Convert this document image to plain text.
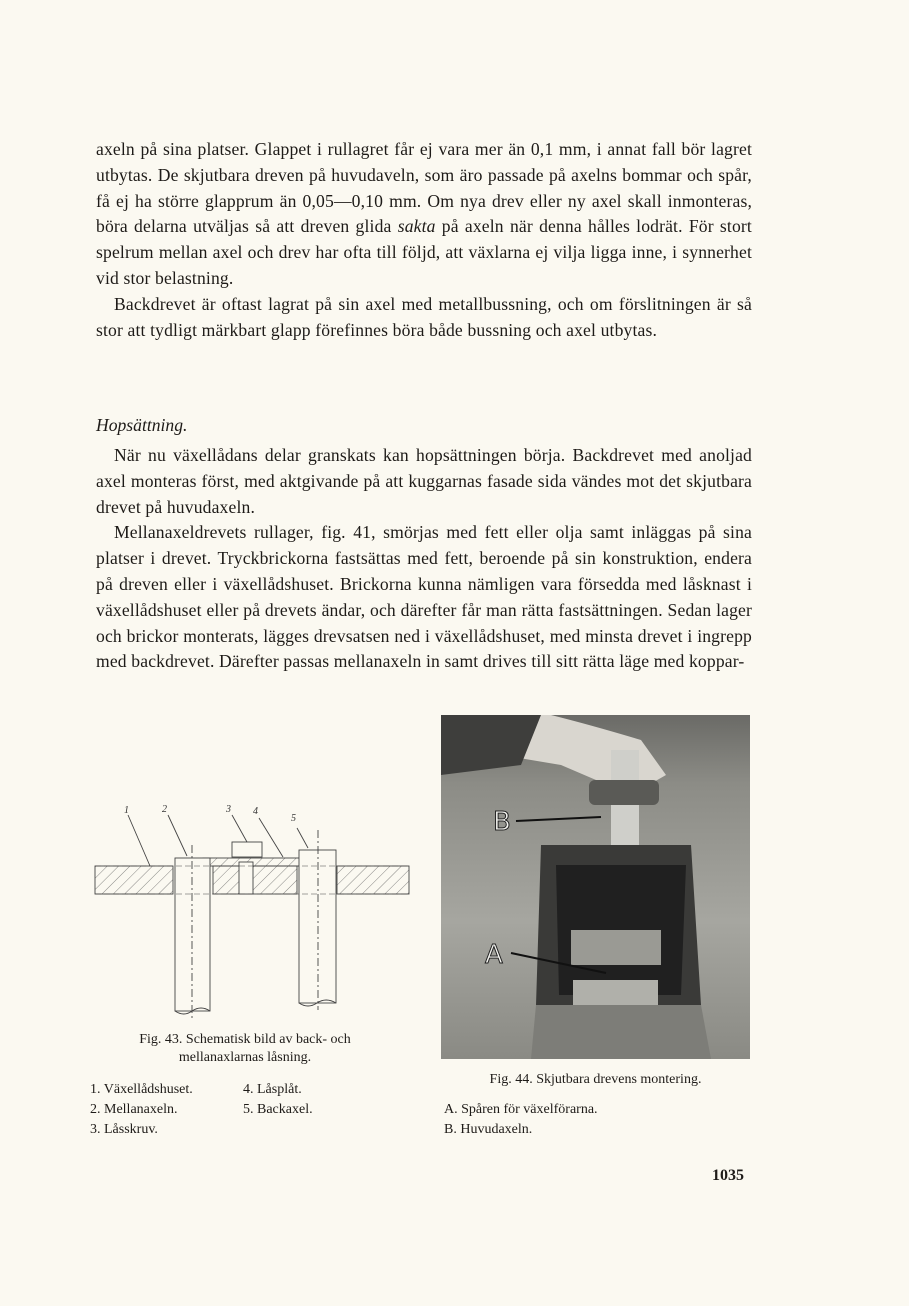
axeln på sina platser. Glappet i rullagret får ej vara mer än 0,1 mm, i annat fall bör lagret utbytas. De skjutbara dreven på huvudaveln, som äro passade på axelns bommar och spår, få ej ha större glapprum än 0,05—0,10 mm. Om nya drev eller ny axel skall inmonteras, böra delarna utväljas så att dreven glida sakta på axeln när denna hålles lodrät. För stort spelrum mellan axel och drev har ofta till följd, att växlarna ej vilja ligga inne, i synnerhet vid stor belastning.

Backdrevet är oftast lagrat på sin axel med metallbussning, och om förslitningen är så stor att tydligt märkbart glapp förefinnes böra både bussning och axel utbytas.

Hopsättning.

När nu växellådans delar granskats kan hopsättningen börja. Backdrevet med anoljad axel monteras först, med aktgivande på att kuggarnas fasade sida vändes mot det skjutbara drevet på huvudaxeln.

Mellanaxeldrevets rullager, fig. 41, smörjas med fett eller olja samt inläggas på sina platser i drevet. Tryckbrickorna fastsättas med fett, beroende på sin konstruktion, endera på dreven eller i växellådshuset. Brickorna kunna nämligen vara försedda med låsknast i växellådshuset eller på drevets ändar, och därefter får man rätta fastsättningen. Sedan lager och brickor monterats, lägges drevsatsen ned i växellådshuset, med minsta drevet i ingrepp med backdrevet. Därefter passas mellanaxeln in samt drives till sitt rätta läge med koppar-

1	2	3 4
5	B
A
Fig. 43. Schematisk bild av back- och
mellanaxlarnas låsning.
1. Växellådshuset.
2. Mellanaxeln.
3. Låsskruv.
4. Låsplåt.
5. Backaxel.
Fig. 44. Skjutbara drevens montering.
A. Spåren för växelförarna.
B. Huvudaxeln.
1035
